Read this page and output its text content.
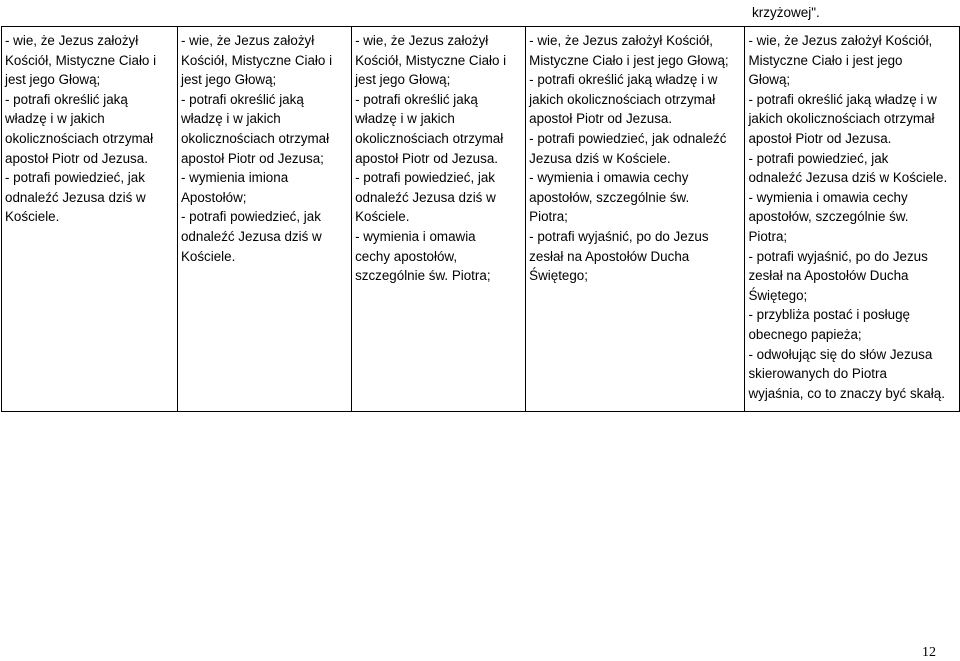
krzyżowej".
- wie, że Jezus założył
Kościół, Mistyczne Ciało i
jest jego Głową;
- potrafi określić jaką
władzę i w jakich
okolicznościach otrzymał
apostoł Piotr od Jezusa.
- potrafi powiedzieć, jak
odnaleźć Jezusa dziś w
Kościele.

- wie, że Jezus założył
Kościół, Mistyczne Ciało i
jest jego Głową;
- potrafi określić jaką
władzę i w jakich
okolicznościach otrzymał
apostoł Piotr od Jezusa;
- wymienia imiona
Apostołów;
- potrafi powiedzieć, jak
odnaleźć Jezusa dziś w
Kościele.

- wie, że Jezus założył
Kościół, Mistyczne Ciało i
jest jego Głową;
- potrafi określić jaką
władzę i w jakich
okolicznościach otrzymał
apostoł Piotr od Jezusa.
- potrafi powiedzieć, jak
odnaleźć Jezusa dziś w
Kościele.
- wymienia i omawia
cechy apostołów,
szczególnie św. Piotra;

- wie, że Jezus założył Kościół,
Mistyczne Ciało i jest jego Głową;
- potrafi określić jaką władzę i w
jakich okolicznościach otrzymał
apostoł Piotr od Jezusa.
- potrafi powiedzieć, jak odnaleźć
Jezusa dziś w Kościele.
- wymienia i omawia cechy
apostołów, szczególnie św.
Piotra;
- potrafi wyjaśnić, po do Jezus
zesłał na Apostołów Ducha
Świętego;

- wie, że Jezus założył Kościół,
Mistyczne Ciało i jest jego
Głową;
- potrafi określić jaką władzę i w
jakich okolicznościach otrzymał
apostoł Piotr od Jezusa.
- potrafi powiedzieć, jak
odnaleźć Jezusa dziś w Kościele.
- wymienia i omawia cechy
apostołów, szczególnie św.
Piotra;
- potrafi wyjaśnić, po do Jezus
zesłał na Apostołów Ducha
Świętego;
- przybliża postać i posługę
obecnego papieża;
- odwołując się do słów Jezusa
skierowanych do Piotra
wyjaśnia, co to znaczy być skałą.
12
